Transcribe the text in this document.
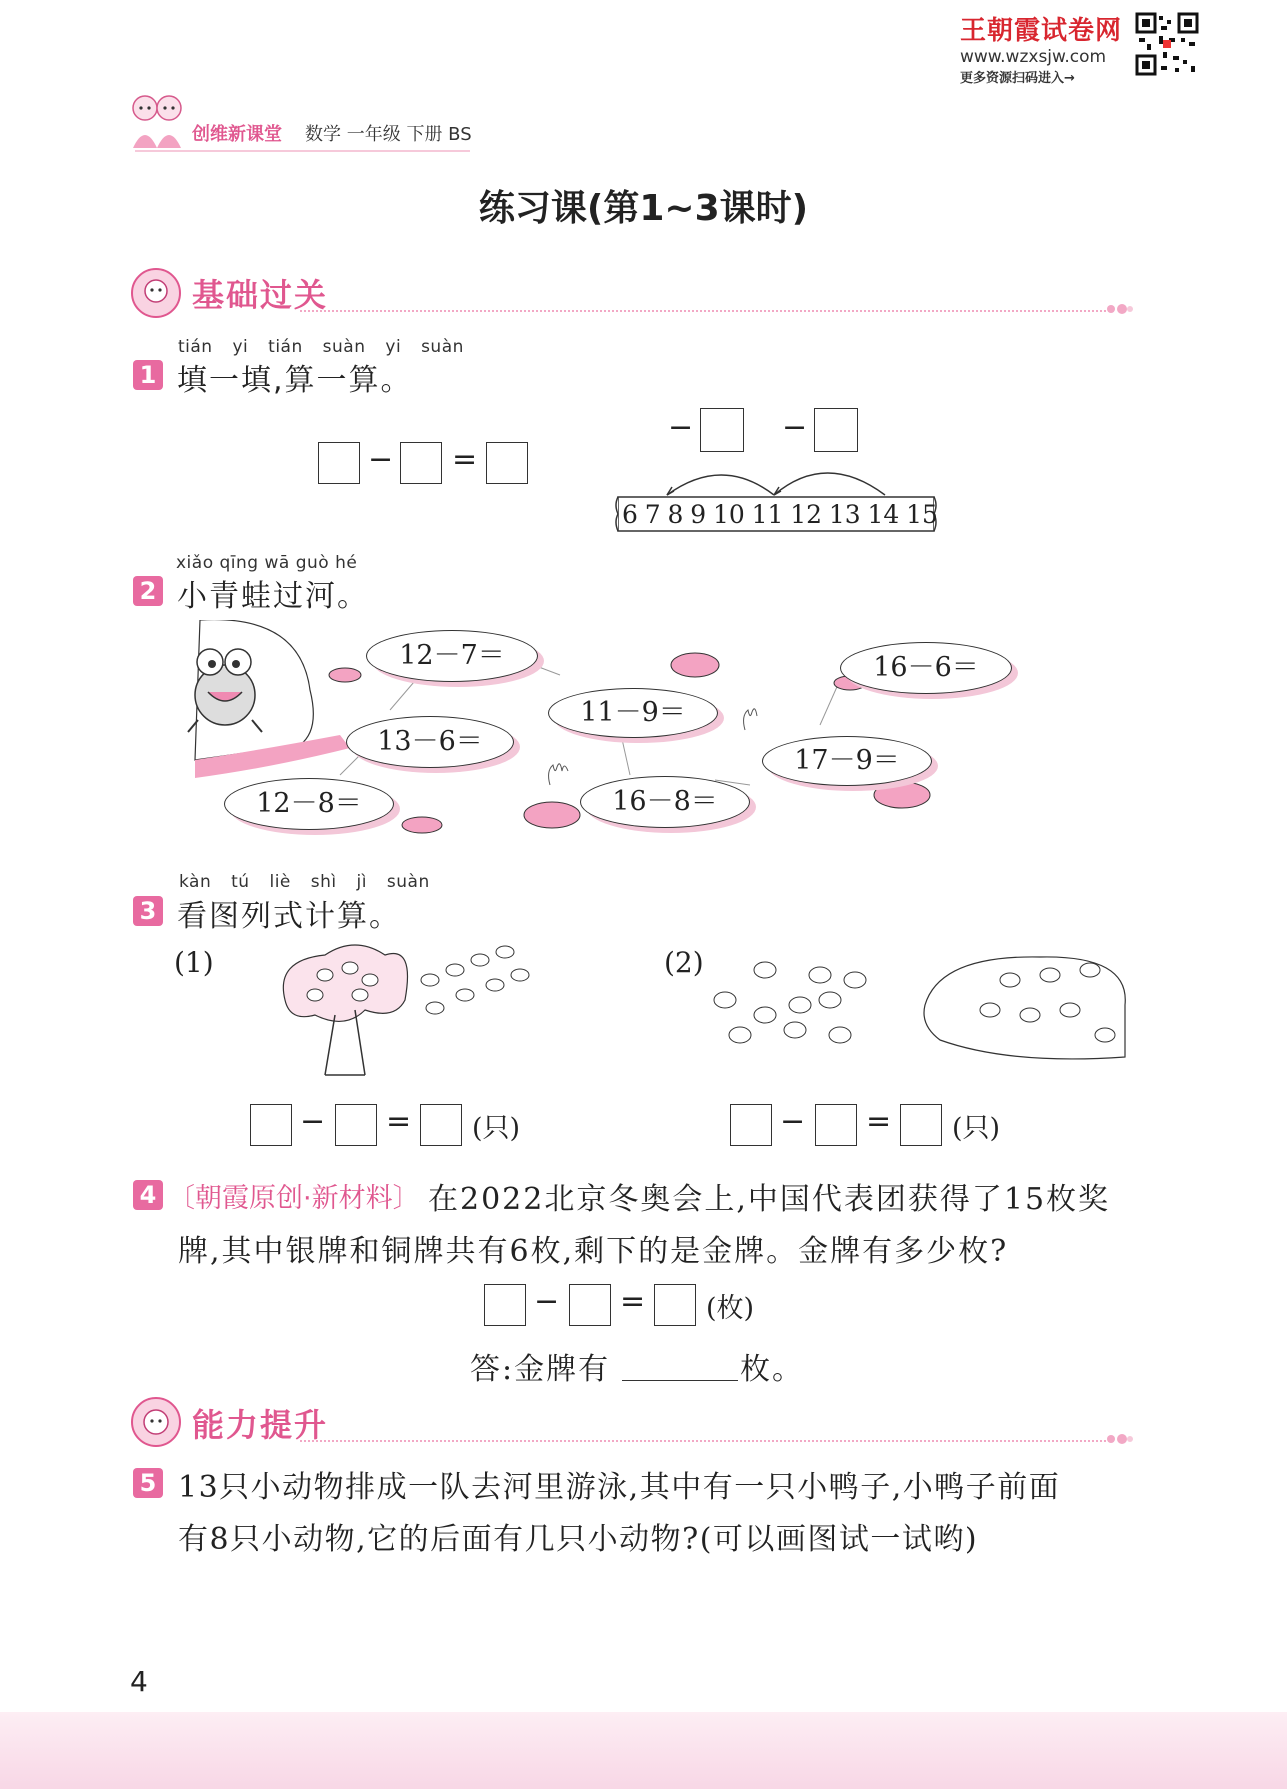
王朝霞试卷网
www.wzxsjw.com
更多资源扫码进入→
创维新课堂 数学 一年级 下册 BS
练习课(第1~3课时)
基础过关
tián yi tián suàn yi suàn
1 填一填,算一算。
− =
−	−
6 7 8 9 10 11 12 13 14 15
xiǎo qīng wā guò hé
2 小青蛙过河。
12－7＝	16－6＝
11－9＝
13－6＝
17－9＝
12－8＝	16－8＝
kàn tú liè shì jì suàn
3 看图列式计算。
(1)	(2)
− = (只)	− = (只)
4 〔朝霞原创·新材料〕 在2022北京冬奥会上,中国代表团获得了15枚奖
牌,其中银牌和铜牌共有6枚,剩下的是金牌。金牌有多少枚?
− = (枚)
答:金牌有	枚。
能力提升
5 13只小动物排成一队去河里游泳,其中有一只小鸭子,小鸭子前面
有8只小动物,它的后面有几只小动物?(可以画图试一试哟)
4
